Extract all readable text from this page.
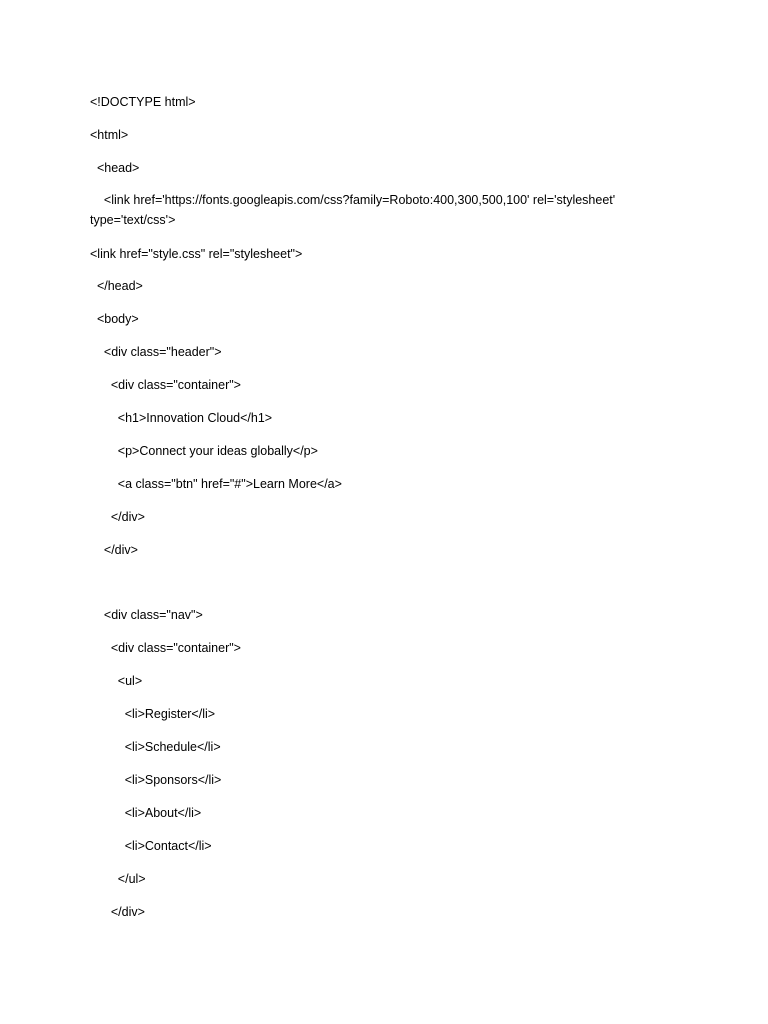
<!DOCTYPE html>
<html>
<head>
<link href='https://fonts.googleapis.com/css?family=Roboto:400,300,500,100' rel='stylesheet'
type='text/css'>
<link href="style.css" rel="stylesheet">
</head>
<body>
<div class="header">
<div class="container">
<h1>Innovation Cloud</h1>
<p>Connect your ideas globally</p>
<a class="btn" href="#">Learn More</a>
</div>
</div>
<div class="nav">
<div class="container">
<ul>
<li>Register</li>
<li>Schedule</li>
<li>Sponsors</li>
<li>About</li>
<li>Contact</li>
</ul>
</div>
